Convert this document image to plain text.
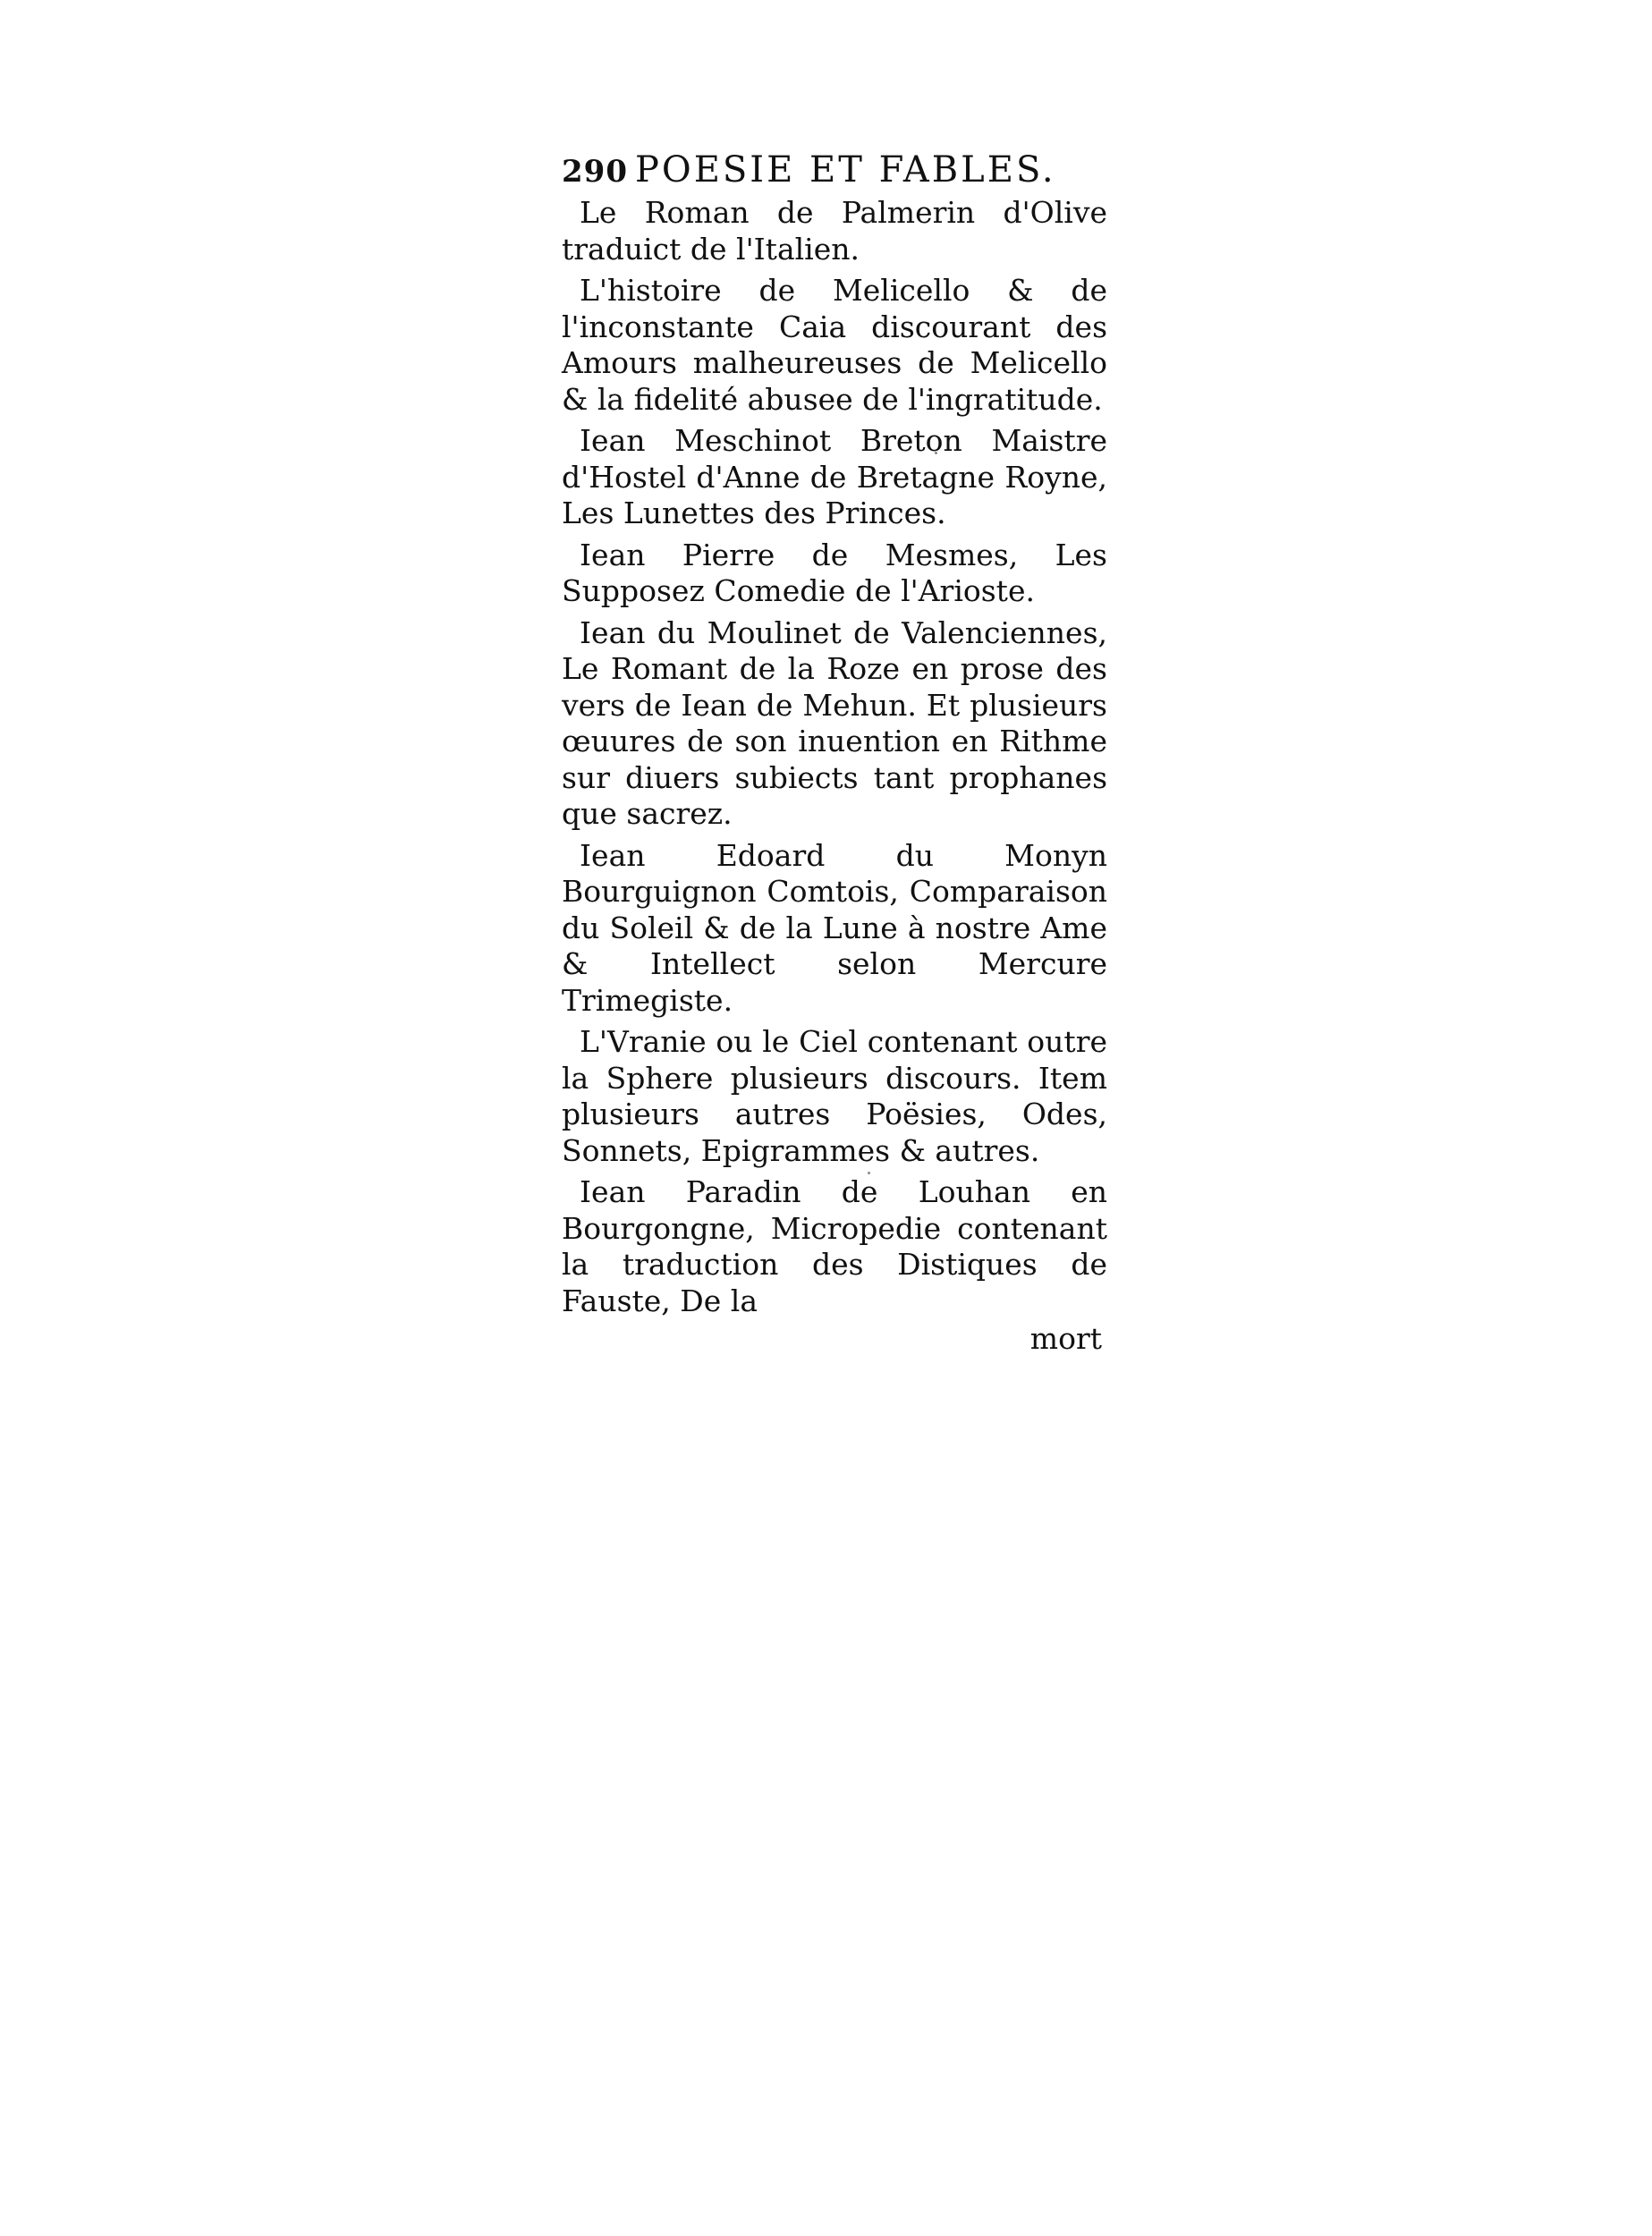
290 POESIE ET FABLES.

Le Roman de Palmerin d'Olive traduict de l'Italien.

L'histoire de Melicello & de l'inconstante Caia discourant des Amours malheureuses de Melicello & la fidelité abusee de l'ingratitude.

Iean Meschinot Breton Maistre d'Hostel d'Anne de Bretagne Royne, Les Lunettes des Princes.

Iean Pierre de Mesmes, Les Supposez Comedie de l'Arioste.

Iean du Moulinet de Valenciennes, Le Romant de la Roze en prose des vers de Iean de Mehun. Et plusieurs œuures de son inuention en Rithme sur diuers subiects tant prophanes que sacrez.

Iean Edoard du Monyn Bourguignon Comtois, Comparaison du Soleil & de la Lune à nostre Ame & Intellect selon Mercure Trimegiste.

L'Vranie ou le Ciel contenant outre la Sphere plusieurs discours. Item plusieurs autres Poësies, Odes, Sonnets, Epigrammes & autres.

Iean Paradin de Louhan en Bourgongne, Micropedie contenant la traduction des Distiques de Fauste, De la

mort
